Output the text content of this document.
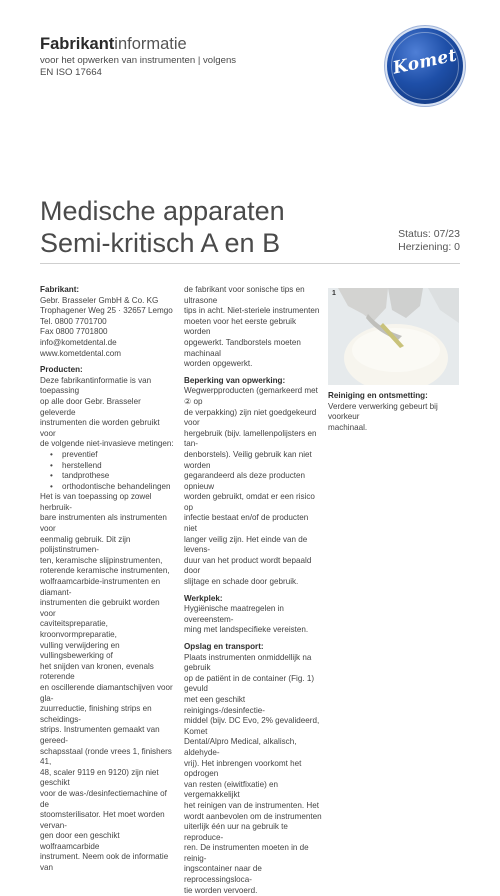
Fabrikantinformatie
voor het opwerken van instrumenten | volgens
EN ISO 17664	Komet
Medische apparaten
Semi-kritisch A en B	Status: 07/23
Herziening: 0

Fabrikant:

Gebr. Brasseler GmbH & Co. KG
Trophagener Weg 25 · 32657 Lemgo
Tel. 0800 7701700
Fax 0800 7701800
info@kometdental.de
www.kometdental.com

Producten:

Deze fabrikantinformatie is van toepassing
op alle door Gebr. Brasseler geleverde
instrumenten die worden gebruikt voor
de volgende niet-invasieve metingen:
• preventief
• herstellend
• tandprothese
• orthodontische behandelingen
Het is van toepassing op zowel herbruik-
bare instrumenten als instrumenten voor
eenmalig gebruik. Dit zijn polijstinstrumen-
ten, keramische slijpinstrumenten,
roterende keramische instrumenten,
wolfraamcarbide-instrumenten en diamant-
instrumenten die gebruikt worden voor
caviteitspreparatie, kroonvormpreparatie,
vulling verwijdering en vullingsbewerking of
het snijden van kronen, evenals roterende
en oscillerende diamantschijven voor gla-
zuurreductie, finishing strips en scheidings-
strips. Instrumenten gemaakt van gereed-
schapsstaal (ronde vrees 1, finishers 41,
48, scaler 9119 en 9120) zijn niet geschikt
voor de was-/desinfectiemachine of de
stoomsterilisator. Het moet worden vervan-
gen door een geschikt wolfraamcarbide
instrument. Neem ook de informatie van
de fabrikant voor sonische tips en ultrasone
tips in acht. Niet-steriele instrumenten
moeten voor het eerste gebruik worden
opgewerkt. Tandborstels moeten machinaal
worden opgewerkt.

Beperking van opwerking:

Wegwerpproducten (gemarkeerd met ② op
de verpakking) zijn niet goedgekeurd voor
hergebruik (bijv. lamellenpolijsters en tan-
denborstels). Veilig gebruik kan niet worden
gegarandeerd als deze producten opnieuw
worden gebruikt, omdat er een risico op
infectie bestaat en/of de producten niet
langer veilig zijn. Het einde van de levens-
duur van het product wordt bepaald door
slijtage en schade door gebruik.

Werkplek:

Hygiënische maatregelen in overeenstem-
ming met landspecifieke vereisten.

Opslag en transport:

Plaats instrumenten onmiddellijk na gebruik
op de patiënt in de container (Fig. 1) gevuld
met een geschikt reinigings-/desinfectie-
middel (bijv. DC Evo, 2% gevalideerd, Komet
Dental/Alpro Medical, alkalisch, aldehyde-
vrij). Het inbrengen voorkomt het opdrogen
van resten (eiwitfixatie) en vergemakkelijkt
het reinigen van de instrumenten. Het
wordt aanbevolen om de instrumenten
uiterlijk één uur na gebruik te reproduce-
ren. De instrumenten moeten in de reinig-
ingscontainer naar de reprocessingsloca-
tie worden vervoerd.
1

Reiniging en ontsmetting:

Verdere verwerking gebeurt bij voorkeur
machinaal.
